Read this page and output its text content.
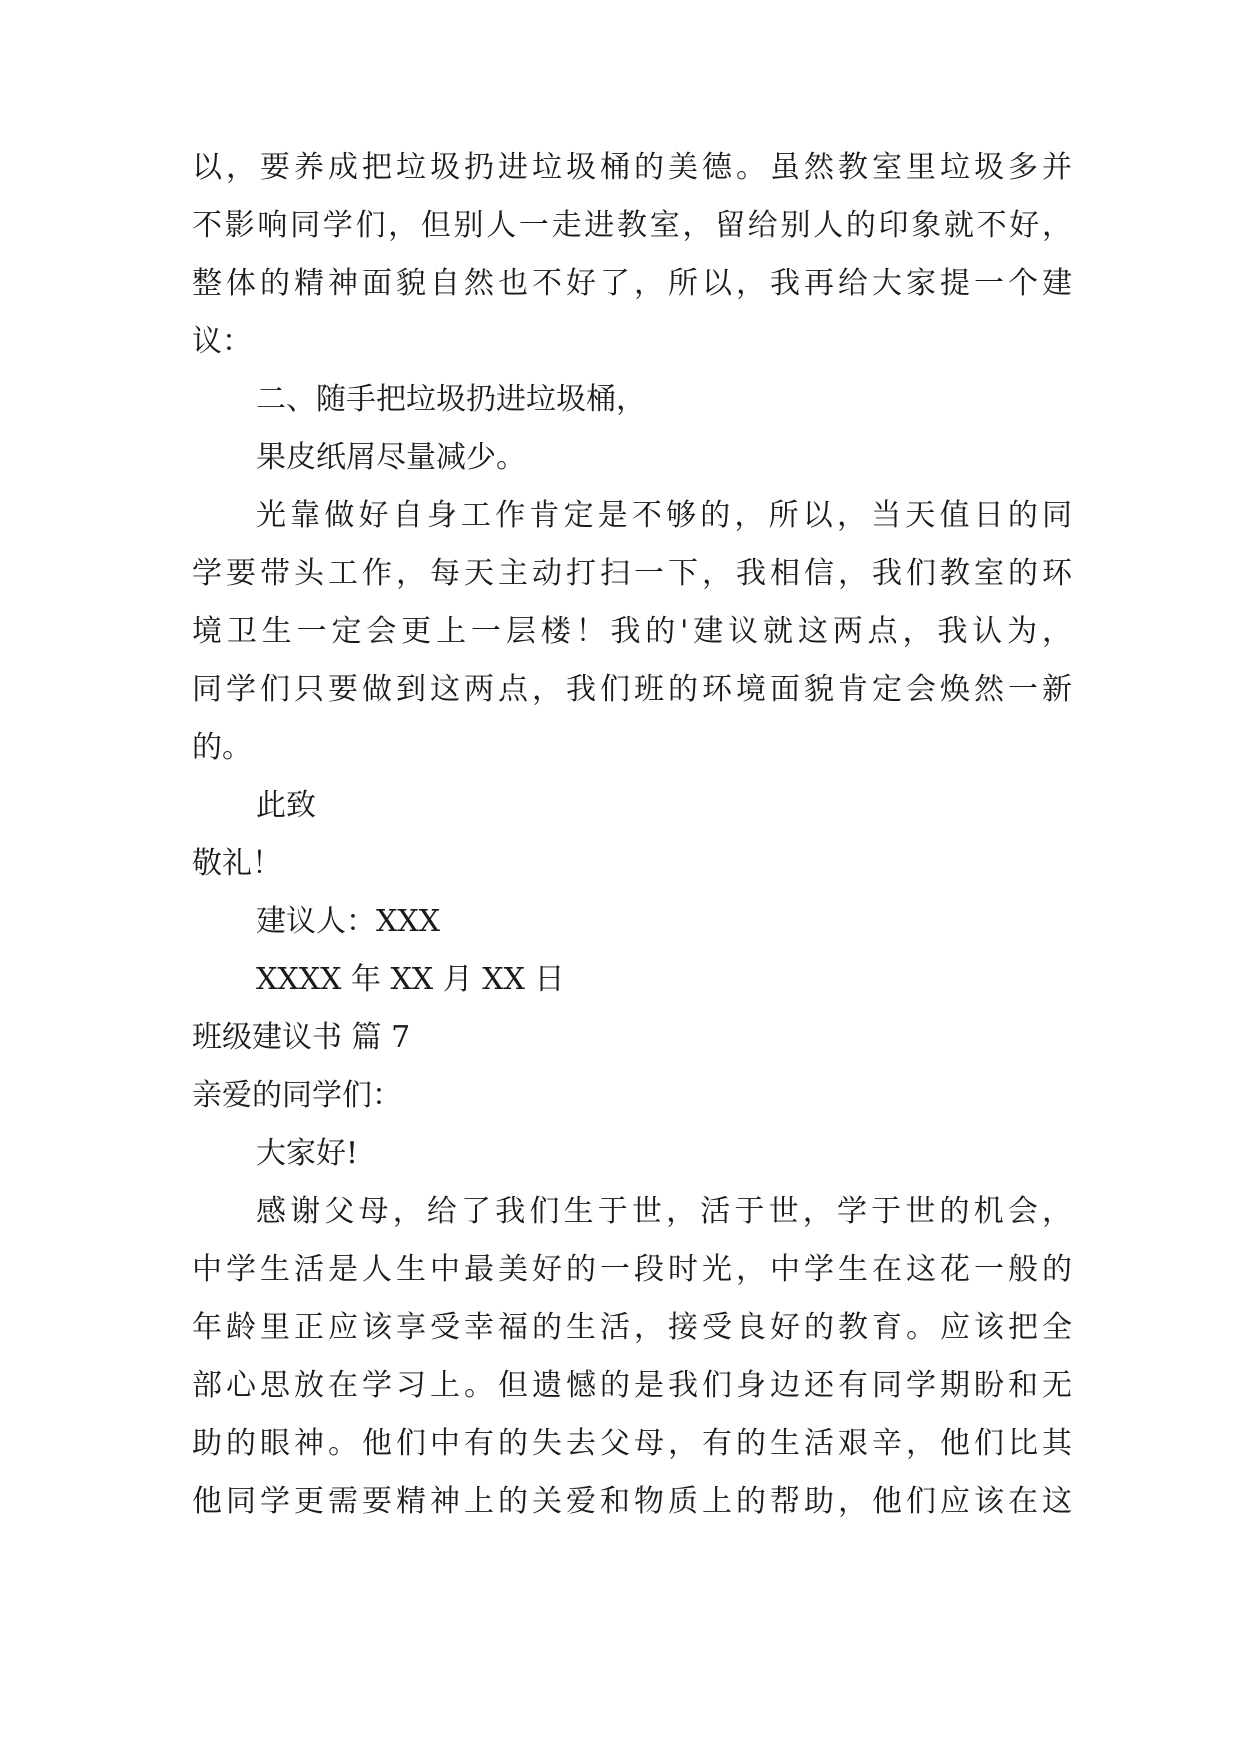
以，要养成把垃圾扔进垃圾桶的美德。虽然教室里垃圾多并
不影响同学们，但别人一走进教室，留给别人的印象就不好，
整体的精神面貌自然也不好了，所以，我再给大家提一个建
议：
二、随手把垃圾扔进垃圾桶，
果皮纸屑尽量减少。
光靠做好自身工作肯定是不够的，所以，当天值日的同
学要带头工作，每天主动打扫一下，我相信，我们教室的环
境卫生一定会更上一层楼！我的'建议就这两点，我认为，
同学们只要做到这两点，我们班的环境面貌肯定会焕然一新
的。
此致
敬礼！
建议人：XXX
XXXX 年 XX 月 XX 日
班级建议书 篇 7
亲爱的同学们：
大家好!
感谢父母，给了我们生于世，活于世，学于世的机会，
中学生活是人生中最美好的一段时光，中学生在这花一般的
年龄里正应该享受幸福的生活，接受良好的教育。应该把全
部心思放在学习上。但遗憾的是我们身边还有同学期盼和无
助的眼神。他们中有的失去父母，有的生活艰辛，他们比其
他同学更需要精神上的关爱和物质上的帮助，他们应该在这
